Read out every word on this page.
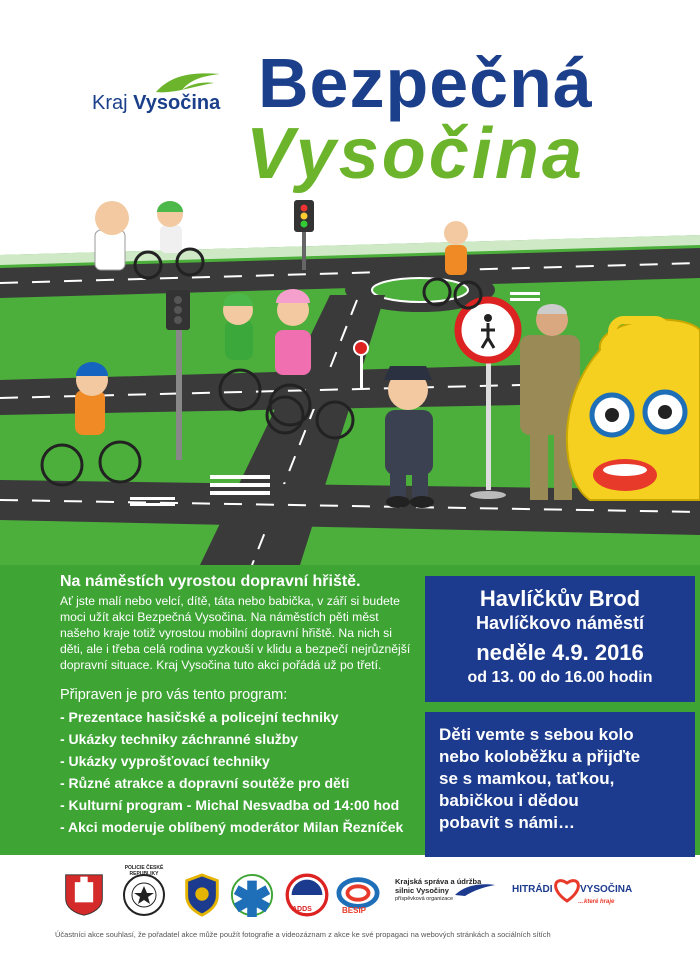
Kraj Vysočina Bezpečná
Vysočina
Na náměstích vyrostou dopravní hřiště.

Ať jste malí nebo velcí, dítě, táta nebo babička, v září si budete moci užít akci Bezpečná Vysočina. Na náměstích pěti měst našeho kraje totiž vyrostou mobilní dopravní hřiště. Na nich si děti, ale i třeba celá rodina vyzkouší v klidu a bezpečí nejrůznější dopravní situace. Kraj Vysočina tuto akci pořádá už po třetí.

Připraven je pro vás tento program:
- Prezentace hasičské a policejní techniky
- Ukázky techniky záchranné služby
- Ukázky vyprošťovací techniky
- Různé atrakce a dopravní soutěže pro děti
- Kulturní program - Michal Nesvadba od 14:00 hod
- Akci moderuje oblíbený moderátor Milan Řezníček
Havlíčkův Brod
Havlíčkovo náměstí
neděle 4.9. 2016
od 13. 00 do 16.00 hodin
Děti vemte s sebou kolo
nebo koloběžku a přijďte
se s mamkou, taťkou,
babičkou i dědou
pobavit s námi…
POLICIE ČESKÉ REPUBLIKY
ADDS	BESIP
Krajská správa a údržba
silnic Vysočiny
příspěvková organizace
HITRÁDI	VYSOČINA
…které hraje
Účastníci akce souhlasí, že pořadatel akce může použít fotografie a videozáznam z akce ke své propagaci na webových stránkách a sociálních sítích
